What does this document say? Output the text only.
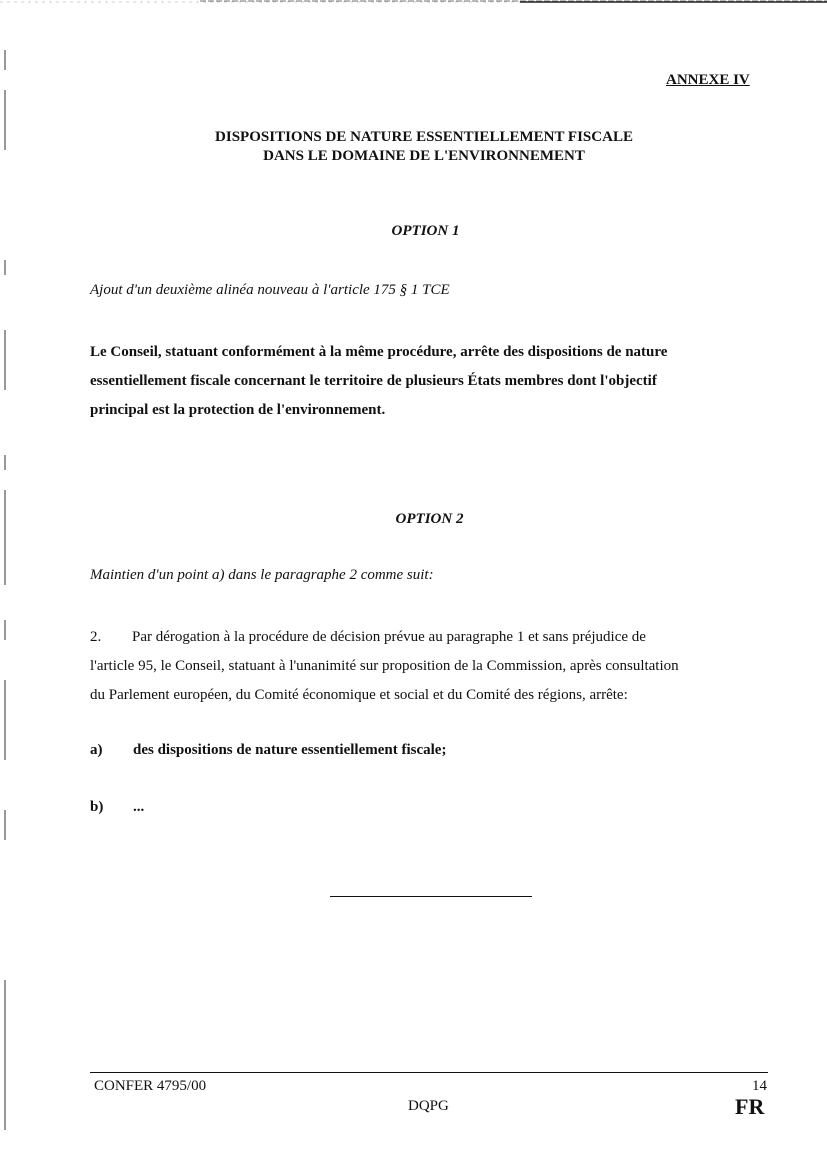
ANNEXE IV
DISPOSITIONS DE NATURE ESSENTIELLEMENT FISCALE
DANS LE DOMAINE DE L'ENVIRONNEMENT
OPTION 1
Ajout d'un deuxième alinéa nouveau à l'article 175 § 1 TCE
Le Conseil, statuant conformément à la même procédure, arrête des dispositions de nature
essentiellement fiscale concernant le territoire de plusieurs États membres dont l'objectif
principal est la protection de l'environnement.
OPTION 2
Maintien d'un point a) dans le paragraphe 2 comme suit:
2. Par dérogation à la procédure de décision prévue au paragraphe 1 et sans préjudice de
l'article 95, le Conseil, statuant à l'unanimité sur proposition de la Commission, après consultation
du Parlement européen, du Comité économique et social et du Comité des régions, arrête:
a) des dispositions de nature essentiellement fiscale;
b) ...
CONFER 4795/00	14
DQPG	FR
